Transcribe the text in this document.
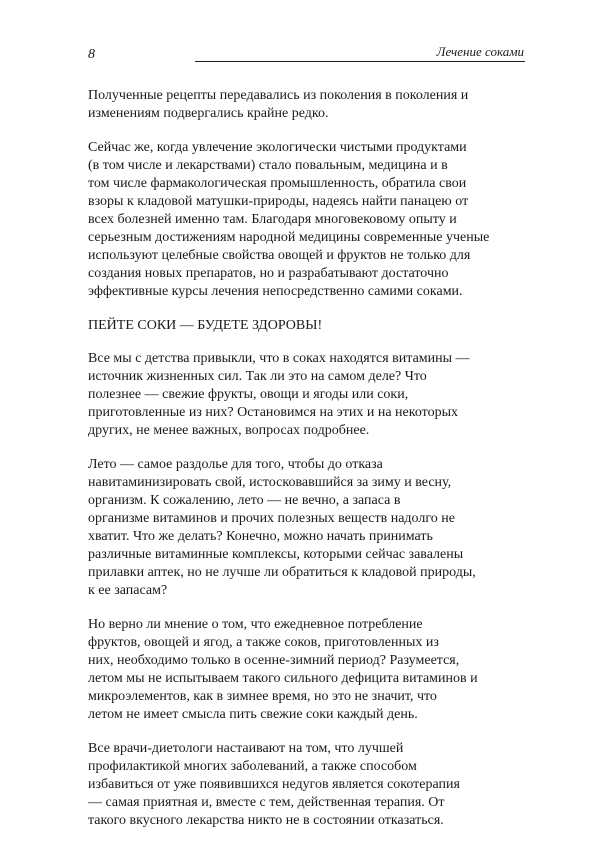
8	Лечение соками

Полученные рецепты передавались из поколения в поколения и
изменениям подвергались крайне редко.

Сейчас же, когда увлечение экологически чистыми продуктами
(в том числе и лекарствами) стало повальным, медицина и в
том числе фармакологическая промышленность, обратила свои
взоры к кладовой матушки-природы, надеясь найти панацею от
всех болезней именно там. Благодаря многовековому опыту и
серьезным достижениям народной медицины современные ученые
используют целебные свойства овощей и фруктов не только для
создания новых препаратов, но и разрабатывают достаточно
эффективные курсы лечения непосредственно самими соками.

ПЕЙТЕ СОКИ — БУДЕТЕ ЗДОРОВЫ!

Все мы с детства привыкли, что в соках находятся витамины —
источник жизненных сил. Так ли это на самом деле? Что
полезнее — свежие фрукты, овощи и ягоды или соки,
приготовленные из них? Остановимся на этих и на некоторых
других, не менее важных, вопросах подробнее.

Лето — самое раздолье для того, чтобы до отказа
навитаминизировать свой, истосковавшийся за зиму и весну,
организм. К сожалению, лето — не вечно, а запаса в
организме витаминов и прочих полезных веществ надолго не
хватит. Что же делать? Конечно, можно начать принимать
различные витаминные комплексы, которыми сейчас завалены
прилавки аптек, но не лучше ли обратиться к кладовой природы,
к ее запасам?

Но верно ли мнение о том, что ежедневное потребление
фруктов, овощей и ягод, а также соков, приготовленных из
них, необходимо только в осенне-зимний период? Разумеется,
летом мы не испытываем такого сильного дефицита витаминов и
микроэлементов, как в зимнее время, но это не значит, что
летом не имеет смысла пить свежие соки каждый день.

Все врачи-диетологи настаивают на том, что лучшей
профилактикой многих заболеваний, а также способом
избавиться от уже появившихся недугов является сокотерапия
— самая приятная и, вместе с тем, действенная терапия. От
такого вкусного лекарства никто не в состоянии отказаться.
